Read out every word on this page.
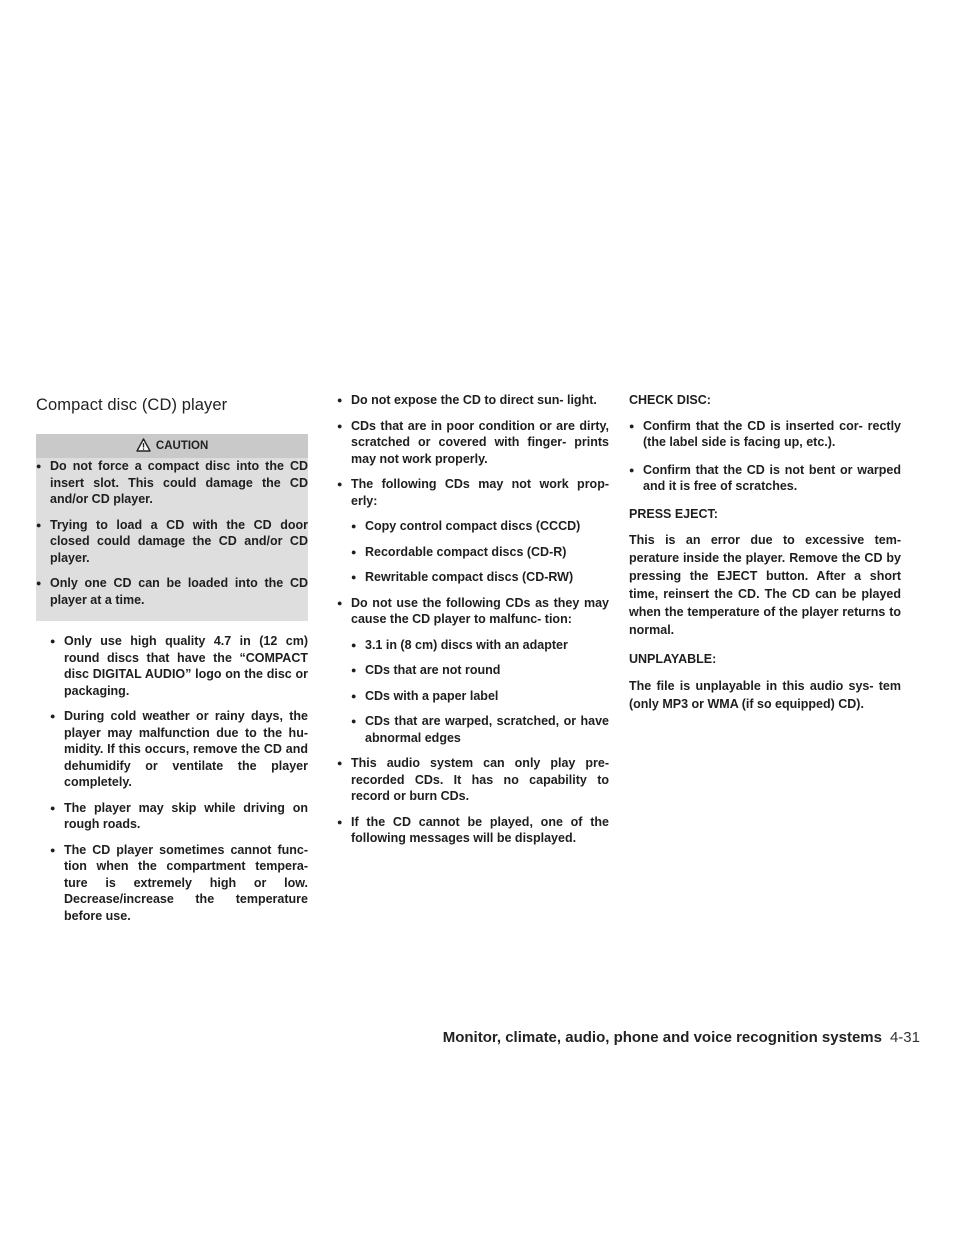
Compact disc (CD) player
CAUTION
● Do not force a compact disc into the CD insert slot. This could damage the CD and/or CD player.
● Trying to load a CD with the CD door closed could damage the CD and/or CD player.
● Only one CD can be loaded into the CD player at a time.
● Only use high quality 4.7 in (12 cm) round discs that have the “COMPACT disc DIGITAL AUDIO” logo on the disc or packaging.
● During cold weather or rainy days, the player may malfunction due to the hu- midity. If this occurs, remove the CD and dehumidify or ventilate the player completely.
● The player may skip while driving on rough roads.
● The CD player sometimes cannot func- tion when the compartment tempera- ture is extremely high or low. Decrease/increase the temperature before use.
● Do not expose the CD to direct sun- light.
● CDs that are in poor condition or are dirty, scratched or covered with finger- prints may not work properly.
● The following CDs may not work prop- erly:
● Copy control compact discs (CCCD)
● Recordable compact discs (CD-R)
● Rewritable compact discs (CD-RW)
● Do not use the following CDs as they may cause the CD player to malfunc- tion:
● 3.1 in (8 cm) discs with an adapter
● CDs that are not round
● CDs with a paper label
● CDs that are warped, scratched, or have abnormal edges
● This audio system can only play pre- recorded CDs. It has no capability to record or burn CDs.
● If the CD cannot be played, one of the following messages will be displayed.
CHECK DISC:
● Confirm that the CD is inserted cor- rectly (the label side is facing up, etc.).
● Confirm that the CD is not bent or warped and it is free of scratches.
PRESS EJECT:

This is an error due to excessive tem- perature inside the player. Remove the CD by pressing the EJECT button. After a short time, reinsert the CD. The CD can be played when the temperature of the player returns to normal.

UNPLAYABLE:

The file is unplayable in this audio sys- tem (only MP3 or WMA (if so equipped) CD).

Monitor, climate, audio, phone and voice recognition systems 4-31
